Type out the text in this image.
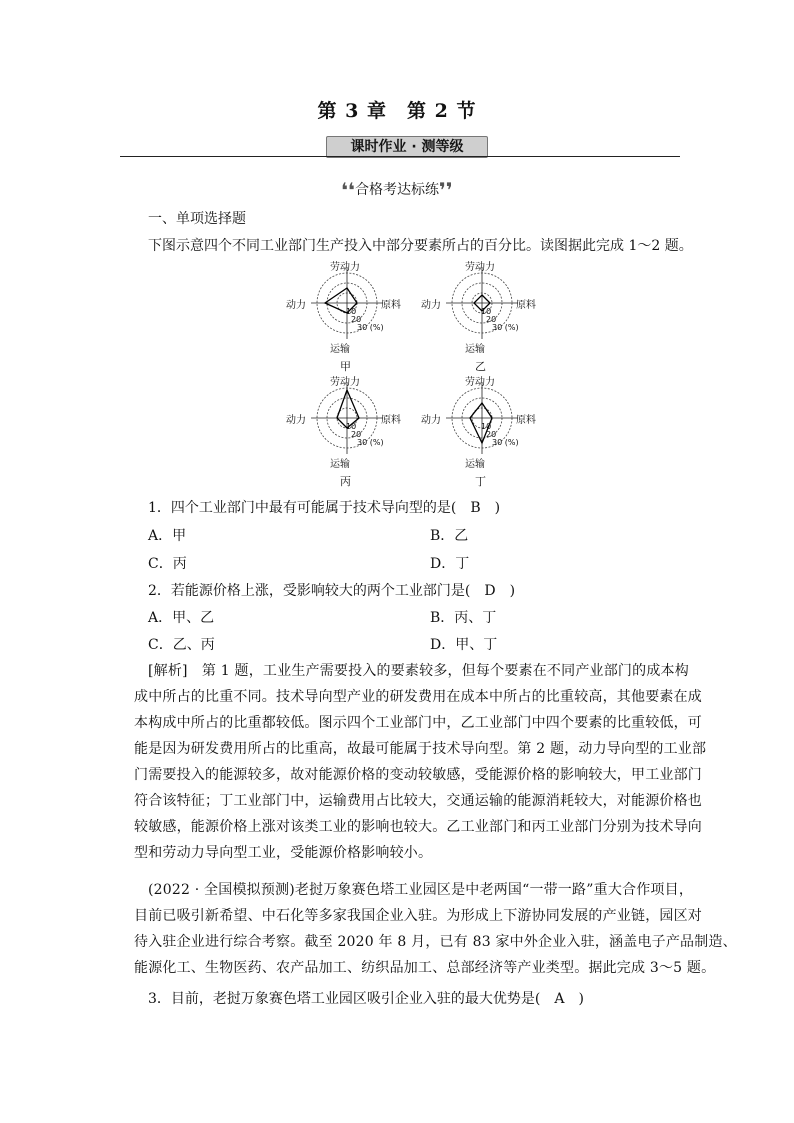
第 3 章　第 2 节
课时作业 · 测等级
❛❛合格考达标练❜❜
一、单项选择题
下图示意四个不同工业部门生产投入中部分要素所占的百分比。读图据此完成 1～2 题。
劳动力
原料
运输
动力
10
20
30 (%)
甲
劳动力
原料
运输
动力
10
20
30 (%)
乙
劳动力
原料
运输
动力
10
20
30 (%)
丙
劳动力
原料
运输
动力
10
20
30 (%)
丁
1．四个工业部门中最有可能属于技术导向型的是(　B　)
A．甲	B．乙
C．丙	D．丁
2．若能源价格上涨，受影响较大的两个工业部门是(　D　)
A．甲、乙	B．丙、丁
C．乙、丙	D．甲、丁
[解析]　第 1 题，工业生产需要投入的要素较多，但每个要素在不同产业部门的成本构
成中所占的比重不同。技术导向型产业的研发费用在成本中所占的比重较高，其他要素在成
本构成中所占的比重都较低。图示四个工业部门中，乙工业部门中四个要素的比重较低，可
能是因为研发费用所占的比重高，故最可能属于技术导向型。第 2 题，动力导向型的工业部
门需要投入的能源较多，故对能源价格的变动较敏感，受能源价格的影响较大，甲工业部门
符合该特征；丁工业部门中，运输费用占比较大，交通运输的能源消耗较大，对能源价格也
较敏感，能源价格上涨对该类工业的影响也较大。乙工业部门和丙工业部门分别为技术导向
型和劳动力导向型工业，受能源价格影响较小。
(2022 · 全国模拟预测)老挝万象赛色塔工业园区是中老两国“一带一路”重大合作项目，
目前已吸引新希望、中石化等多家我国企业入驻。为形成上下游协同发展的产业链，园区对
待入驻企业进行综合考察。截至 2020 年 8 月，已有 83 家中外企业入驻，涵盖电子产品制造、
能源化工、生物医药、农产品加工、纺织品加工、总部经济等产业类型。据此完成 3～5 题。
3．目前，老挝万象赛色塔工业园区吸引企业入驻的最大优势是(　A　)
